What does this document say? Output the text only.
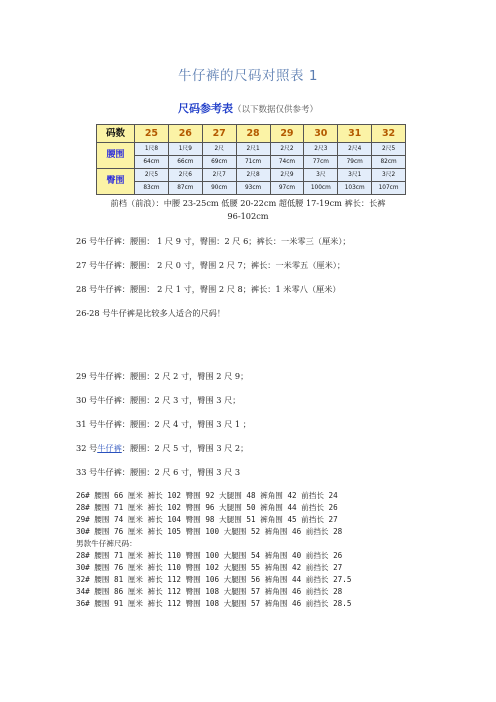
牛仔裤的尺码对照表 1
尺码参考表（以下数据仅供参考）
码数	25	26	27	28	29	30	31	32
腰围	1尺8	1尺9	2尺	2尺1	2尺2	2尺3	2尺4	2尺5
	64cm	66cm	69cm	71cm	74cm	77cm	79cm	82cm
臀围	2尺5	2尺6	2尺7	2尺8	2尺9	3尺	3尺1	3尺2
	83cm	87cm	90cm	93cm	97cm	100cm	103cm	107cm
前档（前浪）：中腰 23-25cm 低腰 20-22cm 超低腰 17-19cm 裤长：长裤
96-102cm
26 号牛仔裤：腰围： 1 尺 9 寸，臀围：2 尺 6；裤长：一米零三（厘米）；
27 号牛仔裤：腰围： 2 尺 0 寸，臀围 2 尺 7；裤长：一米零五（厘米）；
28 号牛仔裤：腰围： 2 尺 1 寸，臀围 2 尺 8；裤长：1 米零八（厘米）
26-28 号牛仔裤是比较多人适合的尺码！
29 号牛仔裤：腰围：2 尺 2 寸，臀围 2 尺 9；
30 号牛仔裤：腰围：2 尺 3 寸，臀围 3 尺；
31 号牛仔裤：腰围：2 尺 4 寸，臀围 3 尺 1 ；
32 号牛仔裤：腰围：2 尺 5 寸，臀围 3 尺 2；
33 号牛仔裤：腰围：2 尺 6 寸，臀围 3 尺 3
26# 腰围 66 厘米 裤长 102 臀围 92 大腿围 48 裤角围 42 前挡长 24
28# 腰围 71 厘米 裤长 102 臀围 96 大腿围 50 裤角围 44 前挡长 26
29# 腰围 74 厘米 裤长 104 臀围 98 大腿围 51 裤角围 45 前挡长 27
30# 腰围 76 厘米 裤长 105 臀围 100 大腿围 52 裤角围 46 前挡长 28
男款牛仔裤尺码：
28# 腰围 71 厘米 裤长 110 臀围 100 大腿围 54 裤角围 40 前挡长 26
30# 腰围 76 厘米 裤长 110 臀围 102 大腿围 55 裤角围 42 前挡长 27
32# 腰围 81 厘米 裤长 112 臀围 106 大腿围 56 裤角围 44 前挡长 27.5
34# 腰围 86 厘米 裤长 112 臀围 108 大腿围 57 裤角围 46 前挡长 28
36# 腰围 91 厘米 裤长 112 臀围 108 大腿围 57 裤角围 46 前挡长 28.5
